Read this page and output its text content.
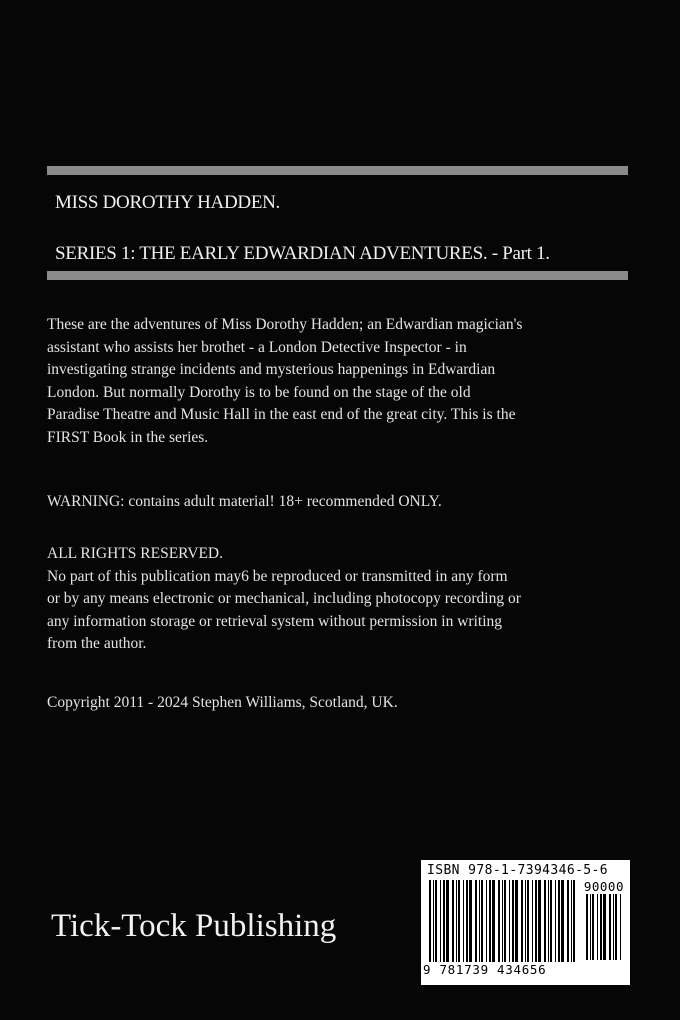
MISS DOROTHY HADDEN.
SERIES 1: THE EARLY EDWARDIAN ADVENTURES. - Part 1.

These are the adventures of Miss Dorothy Hadden; an Edwardian magician's

assistant who assists her brothet - a London Detective Inspector - in

investigating strange incidents and mysterious happenings in Edwardian

London. But normally Dorothy is to be found on the stage of the old

Paradise Theatre and Music Hall in the east end of the great city. This is the

FIRST Book in the series.

WARNING: contains adult material! 18+ recommended ONLY.

ALL RIGHTS RESERVED.

No part of this publication may6 be reproduced or transmitted in any form

or by any means electronic or mechanical, including photocopy recording or

any information storage or retrieval system without permission in writing

from the author.

Copyright 2011 - 2024 Stephen Williams, Scotland, UK.

Tick-Tock Publishing
ISBN 978-1-7394346-5-6
90000
9 781739 434656
